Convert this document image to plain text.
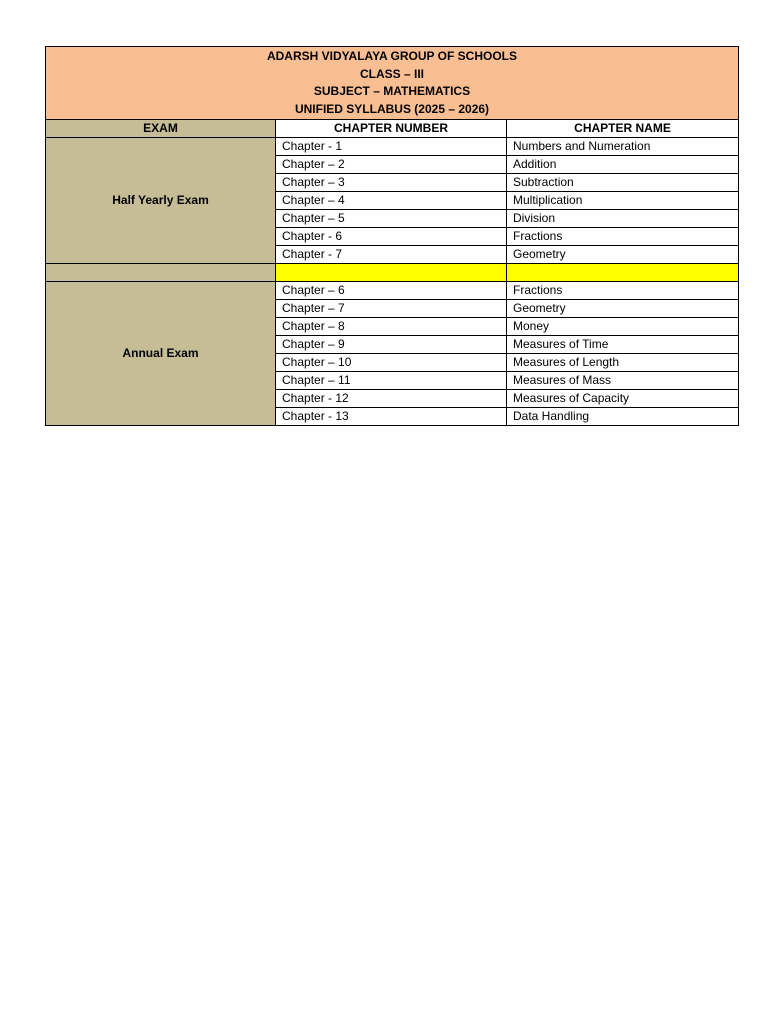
ADARSH VIDYALAYA GROUP OF SCHOOLS
CLASS – III
SUBJECT – MATHEMATICS
UNIFIED SYLLABUS (2025 – 2026)		

EXAM	CHAPTER NUMBER	CHAPTER NAME
Half Yearly Exam	Chapter - 1	Numbers and Numeration
	Chapter – 2	Addition
	Chapter – 3	Subtraction
	Chapter – 4	Multiplication
	Chapter – 5	Division
	Chapter - 6	Fractions
	Chapter - 7	Geometry

Annual Exam	Chapter – 6	Fractions
	Chapter – 7	Geometry
	Chapter – 8	Money
	Chapter – 9	Measures of Time
	Chapter – 10	Measures of Length
	Chapter – 11	Measures of Mass
	Chapter - 12	Measures of Capacity
	Chapter - 13	Data Handling
